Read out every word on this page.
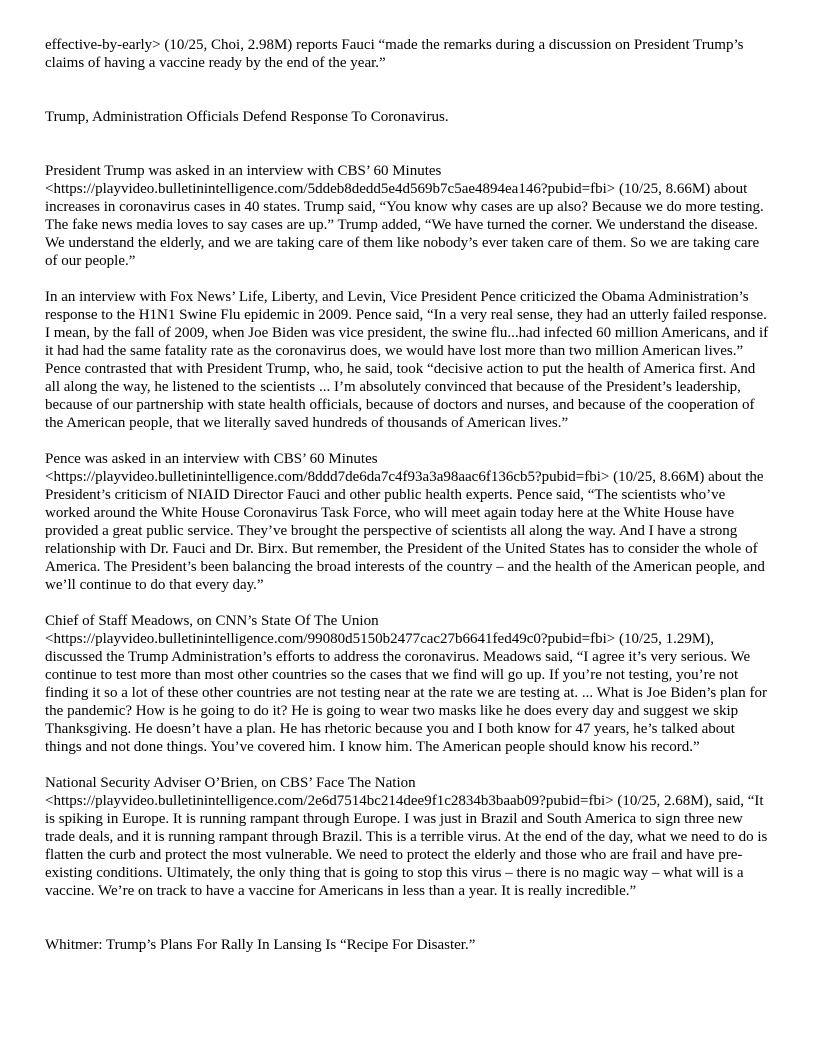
effective-by-early> (10/25, Choi, 2.98M) reports Fauci “made the remarks during a discussion on President Trump’s claims of having a vaccine ready by the end of the year.”

Trump, Administration Officials Defend Response To Coronavirus.

President Trump was asked in an interview with CBS’ 60 Minutes
<https://playvideo.bulletinintelligence.com/5ddeb8dedd5e4d569b7c5ae4894ea146?pubid=fbi> (10/25, 8.66M) about increases in coronavirus cases in 40 states. Trump said, “You know why cases are up also? Because we do more testing. The fake news media loves to say cases are up.” Trump added, “We have turned the corner. We understand the disease. We understand the elderly, and we are taking care of them like nobody’s ever taken care of them. So we are taking care of our people.”

In an interview with Fox News’ Life, Liberty, and Levin, Vice President Pence criticized the Obama Administration’s response to the H1N1 Swine Flu epidemic in 2009. Pence said, “In a very real sense, they had an utterly failed response. I mean, by the fall of 2009, when Joe Biden was vice president, the swine flu...had infected 60 million Americans, and if it had had the same fatality rate as the coronavirus does, we would have lost more than two million American lives.” Pence contrasted that with President Trump, who, he said, took “decisive action to put the health of America first. And all along the way, he listened to the scientists ... I’m absolutely convinced that because of the President’s leadership, because of our partnership with state health officials, because of doctors and nurses, and because of the cooperation of the American people, that we literally saved hundreds of thousands of American lives.”

Pence was asked in an interview with CBS’ 60 Minutes
<https://playvideo.bulletinintelligence.com/8ddd7de6da7c4f93a3a98aac6f136cb5?pubid=fbi> (10/25, 8.66M) about the President’s criticism of NIAID Director Fauci and other public health experts. Pence said, “The scientists who’ve worked around the White House Coronavirus Task Force, who will meet again today here at the White House have provided a great public service. They’ve brought the perspective of scientists all along the way. And I have a strong relationship with Dr. Fauci and Dr. Birx. But remember, the President of the United States has to consider the whole of America. The President’s been balancing the broad interests of the country – and the health of the American people, and we’ll continue to do that every day.”

Chief of Staff Meadows, on CNN’s State Of The Union
<https://playvideo.bulletinintelligence.com/99080d5150b2477cac27b6641fed49c0?pubid=fbi> (10/25, 1.29M), discussed the Trump Administration’s efforts to address the coronavirus. Meadows said, “I agree it’s very serious. We continue to test more than most other countries so the cases that we find will go up. If you’re not testing, you’re not finding it so a lot of these other countries are not testing near at the rate we are testing at. ... What is Joe Biden’s plan for the pandemic? How is he going to do it? He is going to wear two masks like he does every day and suggest we skip Thanksgiving. He doesn’t have a plan. He has rhetoric because you and I both know for 47 years, he’s talked about things and not done things. You’ve covered him. I know him. The American people should know his record.”

National Security Adviser O’Brien, on CBS’ Face The Nation
<https://playvideo.bulletinintelligence.com/2e6d7514bc214dee9f1c2834b3baab09?pubid=fbi> (10/25, 2.68M), said, “It is spiking in Europe. It is running rampant through Europe. I was just in Brazil and South America to sign three new trade deals, and it is running rampant through Brazil. This is a terrible virus. At the end of the day, what we need to do is flatten the curb and protect the most vulnerable. We need to protect the elderly and those who are frail and have pre-existing conditions. Ultimately, the only thing that is going to stop this virus – there is no magic way – what will is a vaccine. We’re on track to have a vaccine for Americans in less than a year. It is really incredible.”

Whitmer: Trump’s Plans For Rally In Lansing Is “Recipe For Disaster.”
